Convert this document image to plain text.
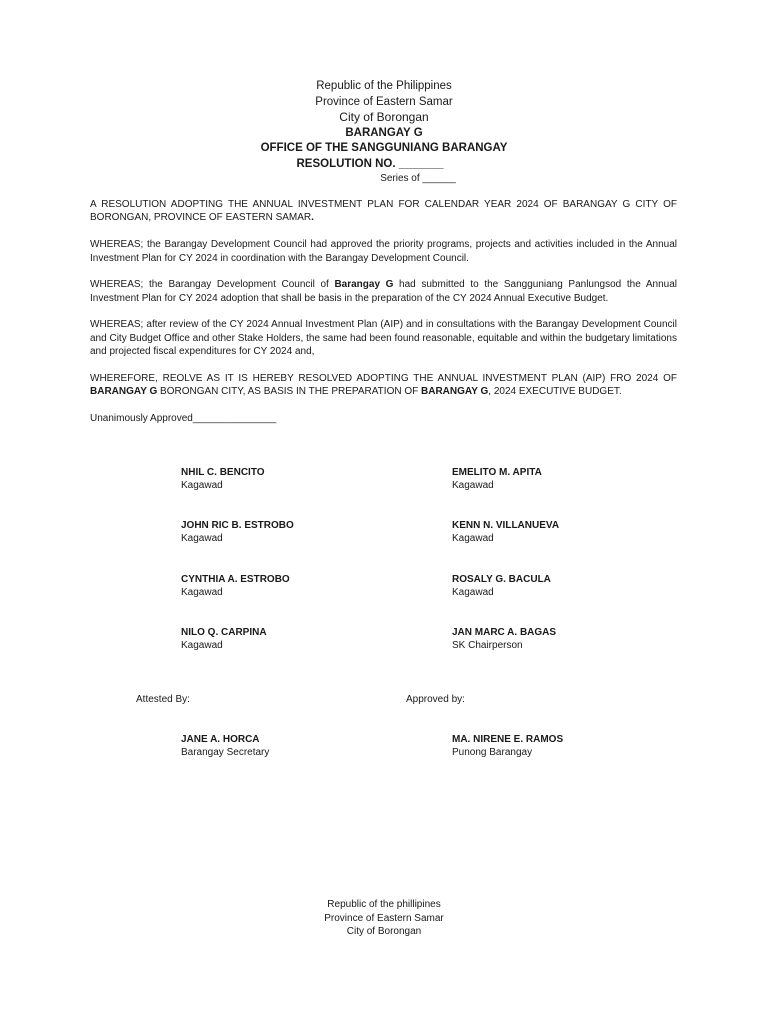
Republic of the Philippines
Province of Eastern Samar
City of Borongan
BARANGAY G
OFFICE OF THE SANGGUNIANG BARANGAY
RESOLUTION NO. _______
Series of ______

A RESOLUTION ADOPTING THE ANNUAL INVESTMENT PLAN FOR CALENDAR YEAR 2024 OF BARANGAY G CITY OF BORONGAN, PROVINCE OF EASTERN SAMAR.

WHEREAS; the Barangay Development Council had approved the priority programs, projects and activities included in the Annual Investment Plan for CY 2024 in coordination with the Barangay Development Council.

WHEREAS; the Barangay Development Council of Barangay G had submitted to the Sangguniang Panlungsod the Annual Investment Plan for CY 2024 adoption that shall be basis in the preparation of the CY 2024 Annual Executive Budget.

WHEREAS; after review of the CY 2024 Annual Investment Plan (AIP) and in consultations with the Barangay Development Council and City Budget Office and other Stake Holders, the same had been found reasonable, equitable and within the budgetary limitations and projected fiscal expenditures for CY 2024 and,

WHEREFORE, REOLVE AS IT IS HEREBY RESOLVED ADOPTING THE ANNUAL INVESTMENT PLAN (AIP) FRO 2024 OF BARANGAY G BORONGAN CITY, AS BASIS IN THE PREPARATION OF BARANGAY G, 2024 EXECUTIVE BUDGET.

Unanimously Approved_______________

NHIL C. BENCITO
Kagawad
EMELITO M. APITA
Kagawad
JOHN RIC B. ESTROBO
Kagawad
KENN N. VILLANUEVA
Kagawad
CYNTHIA A. ESTROBO
Kagawad
ROSALY G. BACULA
Kagawad
NILO Q. CARPINA
Kagawad
JAN MARC A. BAGAS
SK Chairperson
Attested By:	Approved by:
JANE A. HORCA
Barangay Secretary
MA. NIRENE E. RAMOS
Punong Barangay
Republic of the phillipines
Province of Eastern Samar
City of Borongan
